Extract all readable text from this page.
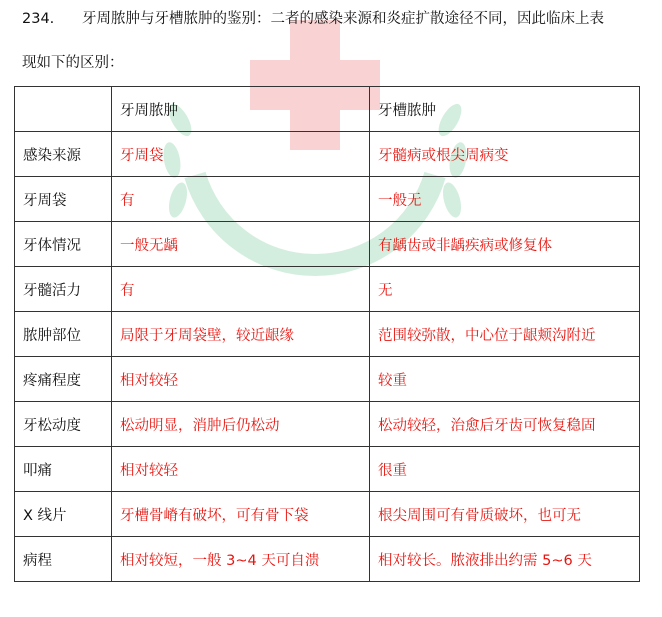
234. 牙周脓肿与牙槽脓肿的鉴别：二者的感染来源和炎症扩散途径不同，因此临床上表
现如下的区别：
	牙周脓肿	牙槽脓肿
感染来源	牙周袋	牙髓病或根尖周病变
牙周袋	有	一般无
牙体情况	一般无龋	有龋齿或非龋疾病或修复体
牙髓活力	有	无
脓肿部位	局限于牙周袋壁，较近龈缘	范围较弥散，中心位于龈颊沟附近
疼痛程度	相对较轻	较重
牙松动度	松动明显，消肿后仍松动	松动较轻，治愈后牙齿可恢复稳固
叩痛	相对较轻	很重
X 线片	牙槽骨嵴有破坏，可有骨下袋	根尖周围可有骨质破坏，也可无
病程	相对较短，一般 3~4 天可自溃	相对较长。脓液排出约需 5~6 天
